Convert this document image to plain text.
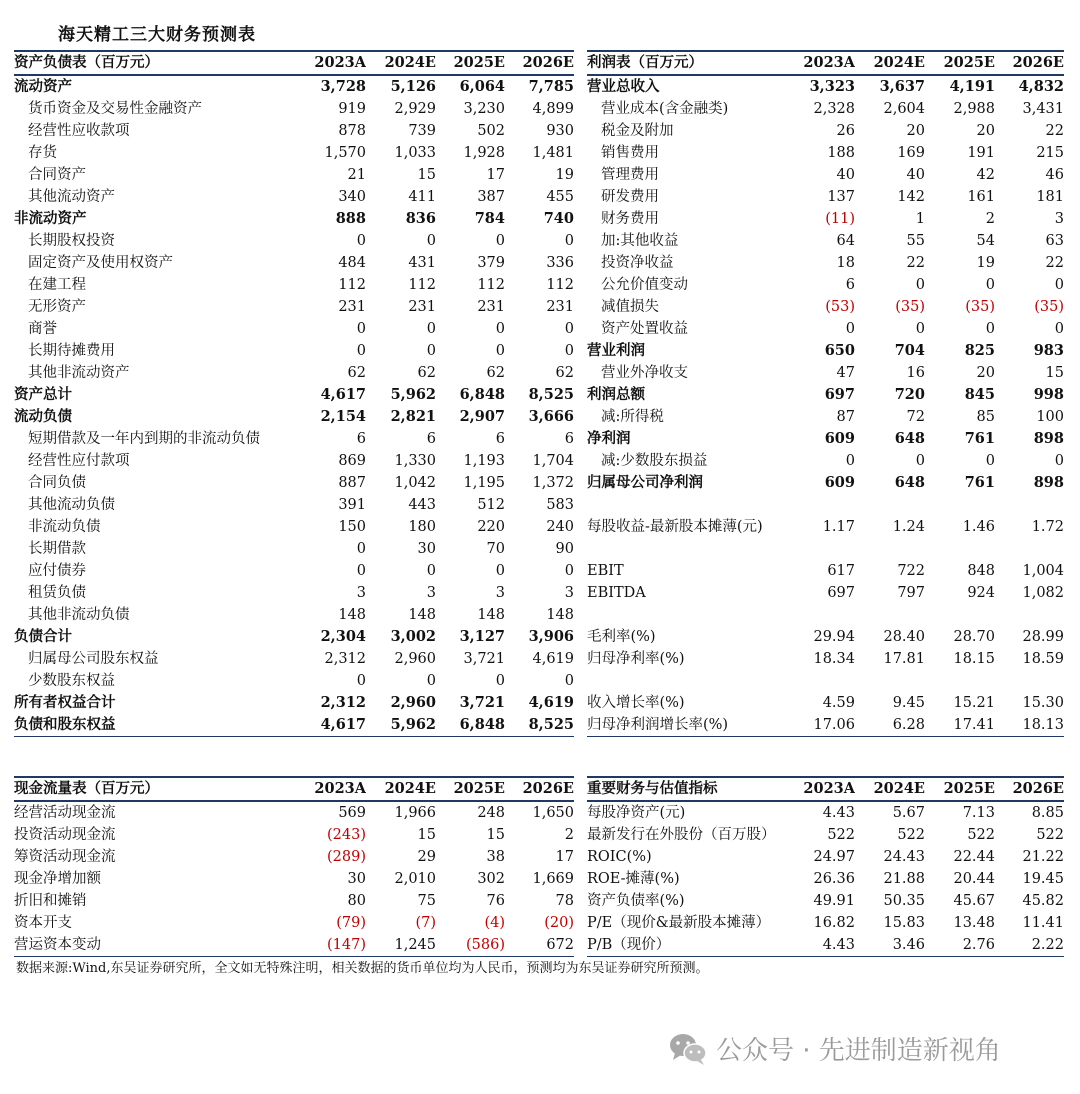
海天精工三大财务预测表
资产负债表（百万元）	2023A	2024E	2025E	2026E
流动资产	3,728	5,126	6,064	7,785
货币资金及交易性金融资产	919	2,929	3,230	4,899
经营性应收款项	878	739	502	930
存货	1,570	1,033	1,928	1,481
合同资产	21	15	17	19
其他流动资产	340	411	387	455
非流动资产	888	836	784	740
长期股权投资	0	0	0	0
固定资产及使用权资产	484	431	379	336
在建工程	112	112	112	112
无形资产	231	231	231	231
商誉	0	0	0	0
长期待摊费用	0	0	0	0
其他非流动资产	62	62	62	62
资产总计	4,617	5,962	6,848	8,525
流动负债	2,154	2,821	2,907	3,666
短期借款及一年内到期的非流动负债	6	6	6	6
经营性应付款项	869	1,330	1,193	1,704
合同负债	887	1,042	1,195	1,372
其他流动负债	391	443	512	583
非流动负债	150	180	220	240
长期借款	0	30	70	90
应付债券	0	0	0	0
租赁负债	3	3	3	3
其他非流动负债	148	148	148	148
负债合计	2,304	3,002	3,127	3,906
归属母公司股东权益	2,312	2,960	3,721	4,619
少数股东权益	0	0	0	0
所有者权益合计	2,312	2,960	3,721	4,619
负债和股东权益	4,617	5,962	6,848	8,525
利润表（百万元）	2023A	2024E	2025E	2026E
营业总收入	3,323	3,637	4,191	4,832
营业成本(含金融类)	2,328	2,604	2,988	3,431
税金及附加	26	20	20	22
销售费用	188	169	191	215
管理费用	40	40	42	46
研发费用	137	142	161	181
财务费用	(11)	1	2	3
加:其他收益	64	55	54	63
投资净收益	18	22	19	22
公允价值变动	6	0	0	0
减值损失	(53)	(35)	(35)	(35)
资产处置收益	0	0	0	0
营业利润	650	704	825	983
营业外净收支	47	16	20	15
利润总额	697	720	845	998
减:所得税	87	72	85	100
净利润	609	648	761	898
减:少数股东损益	0	0	0	0
归属母公司净利润	609	648	761	898

每股收益-最新股本摊薄(元)	1.17	1.24	1.46	1.72

EBIT	617	722	848	1,004
EBITDA	697	797	924	1,082

毛利率(%)	29.94	28.40	28.70	28.99
归母净利率(%)	18.34	17.81	18.15	18.59

收入增长率(%)	4.59	9.45	15.21	15.30
归母净利润增长率(%)	17.06	6.28	17.41	18.13
现金流量表（百万元）	2023A	2024E	2025E	2026E
经营活动现金流	569	1,966	248	1,650
投资活动现金流	(243)	15	15	2
筹资活动现金流	(289)	29	38	17
现金净增加额	30	2,010	302	1,669
折旧和摊销	80	75	76	78
资本开支	(79)	(7)	(4)	(20)
营运资本变动	(147)	1,245	(586)	672
重要财务与估值指标	2023A	2024E	2025E	2026E
每股净资产(元)	4.43	5.67	7.13	8.85
最新发行在外股份（百万股）	522	522	522	522
ROIC(%)	24.97	24.43	22.44	21.22
ROE-摊薄(%)	26.36	21.88	20.44	19.45
资产负债率(%)	49.91	50.35	45.67	45.82
P/E（现价&最新股本摊薄）	16.82	15.83	13.48	11.41
P/B（现价）	4.43	3.46	2.76	2.22
数据来源:Wind,东吴证券研究所，全文如无特殊注明，相关数据的货币单位均为人民币，预测均为东吴证券研究所预测。
公众号 · 先进制造新视角
